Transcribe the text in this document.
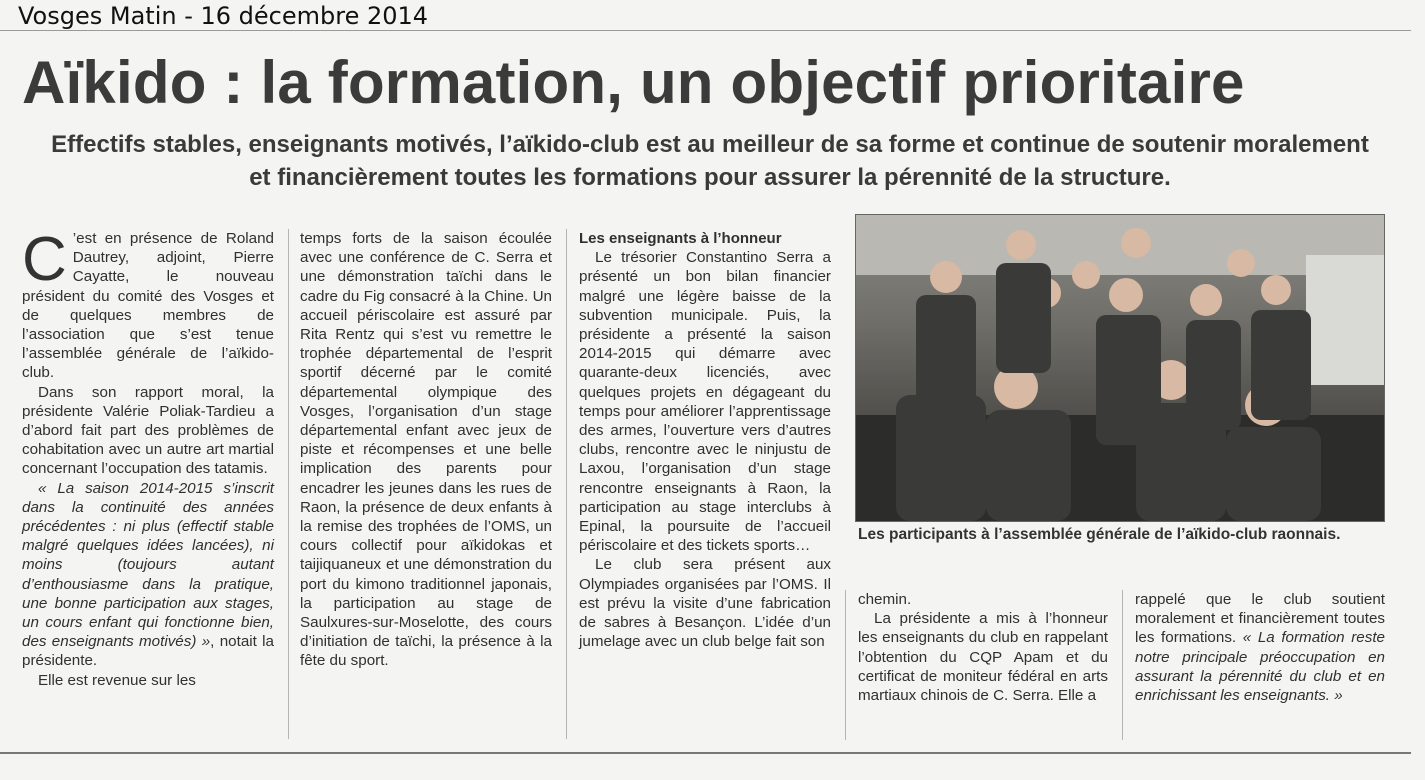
Vosges Matin - 16 décembre 2014
Aïkido : la formation, un objectif prioritaire
Effectifs stables, enseignants motivés, l’aïkido-club est au meilleur de sa forme et continue de soutenir moralement et financièrement toutes les formations pour assurer la pérennité de la structure.

C ’est en présence de Roland Dautrey, adjoint, Pierre Cayatte, le nouveau président du comité des Vosges et de quelques membres de l’association que s’est tenue l’assemblée générale de l’aïkido-club.

Dans son rapport moral, la présidente Valérie Poliak-Tardieu a d’abord fait part des problèmes de cohabitation avec un autre art martial concernant l’occupation des tatamis.

« La saison 2014-2015 s’inscrit dans la continuité des années précédentes : ni plus (effectif stable malgré quelques idées lancées), ni moins (toujours autant d’enthousiasme dans la pratique, une bonne participation aux stages, un cours enfant qui fonctionne bien, des enseignants motivés) », notait la présidente.

Elle est revenue sur les

temps forts de la saison écoulée avec une conférence de C. Serra et une démonstration taïchi dans le cadre du Fig consacré à la Chine. Un accueil périscolaire est assuré par Rita Rentz qui s’est vu remettre le trophée départemental de l’esprit sportif décerné par le comité départemental olympique des Vosges, l’organisation d’un stage départemental enfant avec jeux de piste et récompenses et une belle implication des parents pour encadrer les jeunes dans les rues de Raon, la présence de deux enfants à la remise des trophées de l’OMS, un cours collectif pour aïkidokas et taijiquaneux et une démonstration du port du kimono traditionnel japonais, la participation au stage de Saulxures-sur-Moselotte, des cours d’initiation de taïchi, la présence à la fête du sport.

Les enseignants à l’honneur

Le trésorier Constantino Serra a présenté un bon bilan financier malgré une légère baisse de la subvention municipale. Puis, la présidente a présenté la saison 2014-2015 qui démarre avec quarante-deux licenciés, avec quelques projets en dégageant du temps pour améliorer l’apprentissage des armes, l’ouverture vers d’autres clubs, rencontre avec le ninjustu de Laxou, l’organisation d’un stage rencontre enseignants à Raon, la participation au stage interclubs à Epinal, la poursuite de l’accueil périscolaire et des tickets sports…

Le club sera présent aux Olympiades organisées par l’OMS. Il est prévu la visite d’une fabrication de sabres à Besançon. L’idée d’un jumelage avec un club belge fait son

Les participants à l’assemblée générale de l’aïkido-club raonnais.

chemin.

La présidente a mis à l’honneur les enseignants du club en rappelant l’obtention du CQP Apam et du certificat de moniteur fédéral en arts martiaux chinois de C. Serra. Elle a

rappelé que le club soutient moralement et financièrement toutes les formations. « La formation reste notre principale préoccupation en assurant la pérennité du club et en enrichissant les enseignants. »
